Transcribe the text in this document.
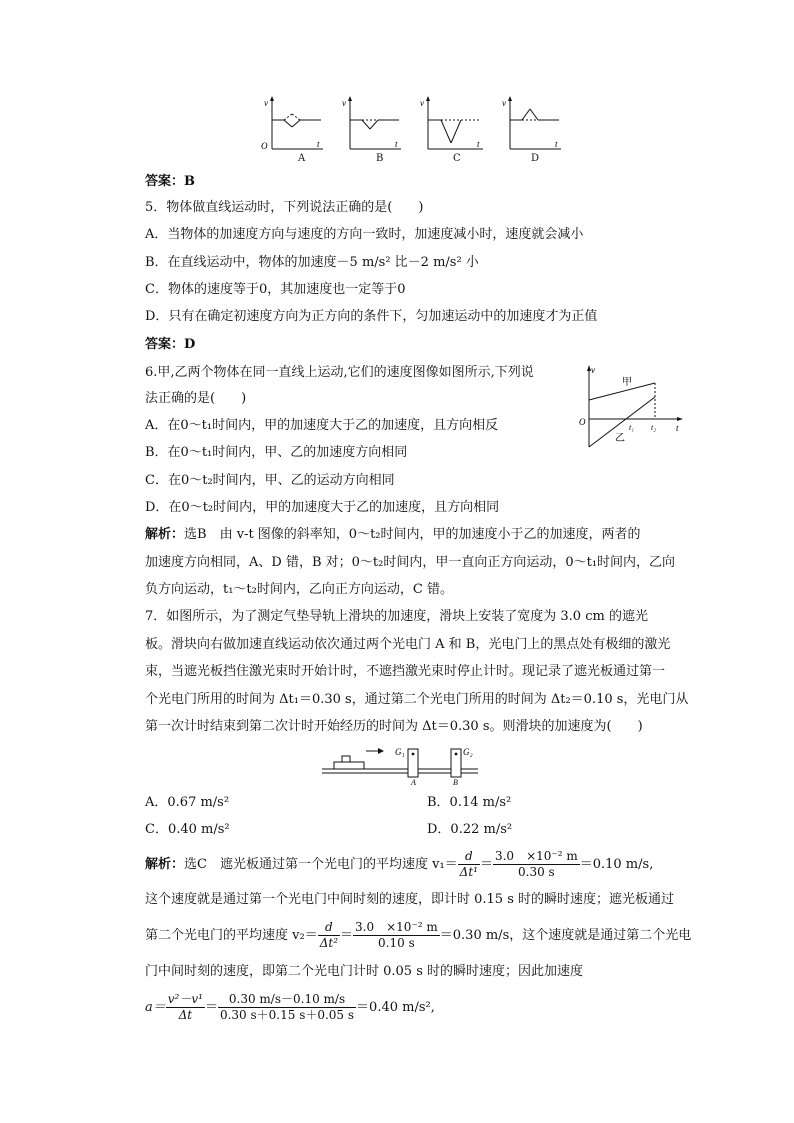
v
t
O
v
t
v
t
v
t
A	B	C	D
答案：B
5．物体做直线运动时，下列说法正确的是(　　)
A．当物体的加速度方向与速度的方向一致时，加速度减小时，速度就会减小
B．在直线运动中，物体的加速度－5 m/s² 比－2 m/s² 小
C．物体的速度等于0，其加速度也一定等于0
D．只有在确定初速度方向为正方向的条件下，匀加速运动中的加速度才为正值
答案：D
6.甲,乙两个物体在同一直线上运动,它们的速度图像如图所示,下列说
法正确的是(　　)
A．在0～t₁时间内，甲的加速度大于乙的加速度，且方向相反
B．在0～t₁时间内，甲、乙的加速度方向相同
C．在0～t₂时间内，甲、乙的运动方向相同
D．在0～t₂时间内，甲的加速度大于乙的加速度，且方向相同
v
t
O
甲
乙
t₁ t₂
解析：选B　由 v-t 图像的斜率知，0～t₂时间内，甲的加速度小于乙的加速度，两者的
加速度方向相同，A、D 错，B 对；0～t₂时间内，甲一直向正方向运动，0～t₁时间内，乙向
负方向运动，t₁～t₂时间内，乙向正方向运动，C 错。
7．如图所示，为了测定气垫导轨上滑块的加速度，滑块上安装了宽度为 3.0 cm 的遮光
板。滑块向右做加速直线运动依次通过两个光电门 A 和 B，光电门上的黑点处有极细的激光
束，当遮光板挡住激光束时开始计时，不遮挡激光束时停止计时。现记录了遮光板通过第一
个光电门所用的时间为 Δt₁＝0.30 s，通过第二个光电门所用的时间为 Δt₂＝0.10 s，光电门从
第一次计时结束到第二次计时开始经历的时间为 Δt＝0.30 s。则滑块的加速度为(　　)
G₁	G₂
A	B
A．0.67 m/s²	B．0.14 m/s²
C．0.40 m/s²	D．0.22 m/s²
解析：选C　遮光板通过第一个光电门的平均速度 $v_1= \frac{d}{\text{Δt¹}} = \frac{\text{3.0　×10⁻² m}}{0.30 s} =0.10$ m/s,
这个速度就是通过第一个光电门中间时刻的速度，即计时 0.15 s 时的瞬时速度；遮光板通过
第二个光电门的平均速度 $v_2= \frac{d}{\text{Δt²}} = \frac{\text{3.0　×10⁻² m}}{0.10 s} =0.30$ m/s，这个速度就是通过第二个光电
门中间时刻的速度，即第二个光电门计时 0.05 s 时的瞬时速度；因此加速度
$a= \frac{\text{v²－v¹}}{\Delta t} = \frac{0.30 m/s-0.10 m/s}{0.30 s+0.15 s+0.05 s} =0.40$ m/s²,
